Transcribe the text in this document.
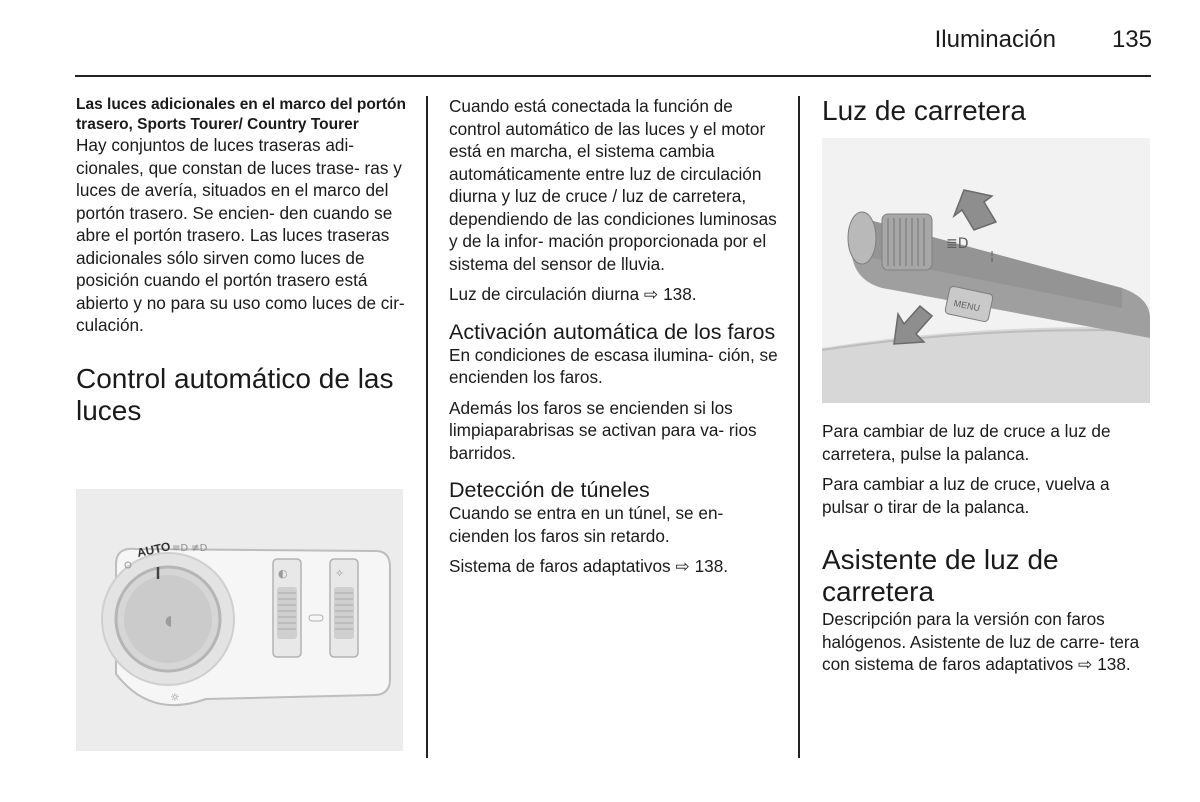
Iluminación	135

Las luces adicionales en el marco del portón trasero, Sports Tourer/ Country Tourer

Hay conjuntos de luces traseras adi- cionales, que constan de luces trase- ras y luces de avería, situados en el marco del portón trasero. Se encien- den cuando se abre el portón trasero. Las luces traseras adicionales sólo sirven como luces de posición cuando el portón trasero está abierto y no para su uso como luces de cir- culación.

Control automático de las luces
◖
AUTO ≡D ≢D
☼
◐	✧

Cuando está conectada la función de control automático de las luces y el motor está en marcha, el sistema cambia automáticamente entre luz de circulación diurna y luz de cruce / luz de carretera, dependiendo de las condiciones luminosas y de la infor- mación proporcionada por el sistema del sensor de lluvia.

Luz de circulación diurna ⇨ 138.

Activación automática de los faros

En condiciones de escasa ilumina- ción, se encienden los faros.

Además los faros se encienden si los limpiaparabrisas se activan para va- rios barridos.

Detección de túneles

Cuando se entra en un túnel, se en- cienden los faros sin retardo.

Sistema de faros adaptativos ⇨ 138.

Luz de carretera
MENU
≣D
¦

Para cambiar de luz de cruce a luz de carretera, pulse la palanca.

Para cambiar a luz de cruce, vuelva a pulsar o tirar de la palanca.

Asistente de luz de carretera

Descripción para la versión con faros halógenos. Asistente de luz de carre- tera con sistema de faros adaptativos ⇨ 138.
